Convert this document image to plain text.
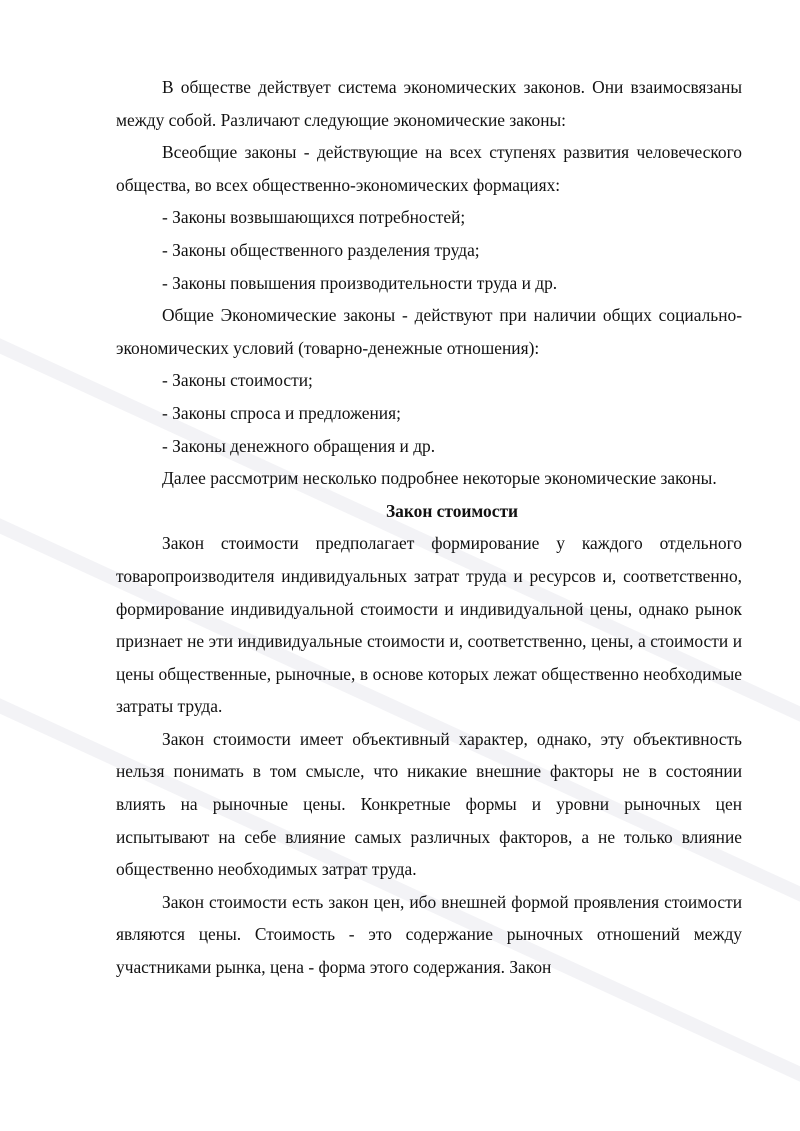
В обществе действует система экономических законов. Они взаимосвязаны между собой. Различают следующие экономические законы:

Всеобщие законы - действующие на всех ступенях развития человеческого общества, во всех общественно-экономических формациях:

- Законы возвышающихся потребностей;

- Законы общественного разделения труда;

- Законы повышения производительности труда и др.

Общие Экономические законы - действуют при наличии общих социально-экономических условий (товарно-денежные отношения):

- Законы стоимости;

- Законы спроса и предложения;

- Законы денежного обращения и др.

Далее рассмотрим несколько подробнее некоторые экономические законы.

Закон стоимости

Закон стоимости предполагает формирование у каждого отдельного товаропроизводителя индивидуальных затрат труда и ресурсов и, соответственно, формирование индивидуальной стоимости и индивидуальной цены, однако рынок признает не эти индивидуальные стоимости и, соответственно, цены, а стоимости и цены общественные, рыночные, в основе которых лежат общественно необходимые затраты труда.

Закон стоимости имеет объективный характер, однако, эту объективность нельзя понимать в том смысле, что никакие внешние факторы не в состоянии влиять на рыночные цены. Конкретные формы и уровни рыночных цен испытывают на себе влияние самых различных факторов, а не только влияние общественно необходимых затрат труда.

Закон стоимости есть закон цен, ибо внешней формой проявления стоимости являются цены. Стоимость - это содержание рыночных отношений между участниками рынка, цена - форма этого содержания. Закон
